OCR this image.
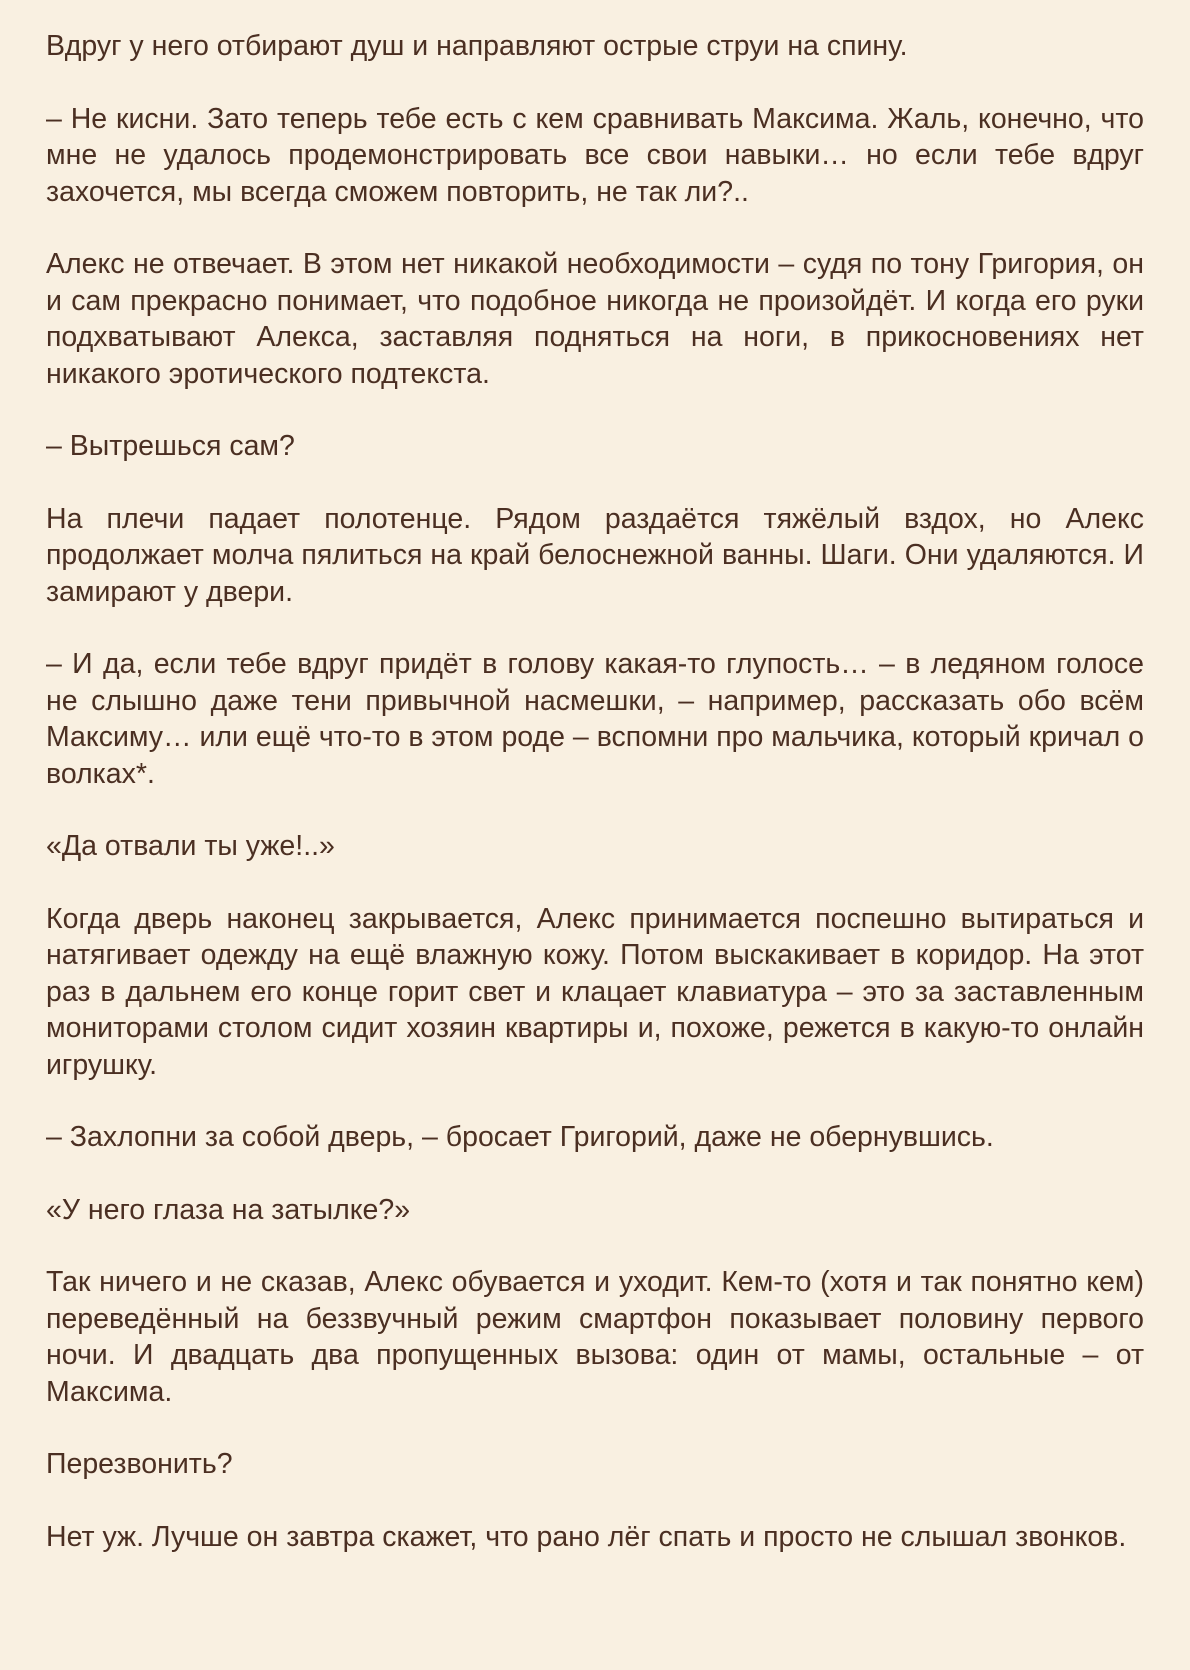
Вдруг у него отбирают душ и направляют острые струи на спину.

– Не кисни. Зато теперь тебе есть с кем сравнивать Максима. Жаль, конечно, что мне не удалось продемонстрировать все свои навыки… но если тебе вдруг захочется, мы всегда сможем повторить, не так ли?..

Алекс не отвечает. В этом нет никакой необходимости – судя по тону Григория, он и сам прекрасно понимает, что подобное никогда не произойдёт. И когда его руки подхватывают Алекса, заставляя подняться на ноги, в прикосновениях нет никакого эротического подтекста.

– Вытрешься сам?

На плечи падает полотенце. Рядом раздаётся тяжёлый вздох, но Алекс продолжает молча пялиться на край белоснежной ванны. Шаги. Они удаляются. И замирают у двери.

– И да, если тебе вдруг придёт в голову какая-то глупость… – в ледяном голосе не слышно даже тени привычной насмешки, – например, рассказать обо всём Максиму… или ещё что-то в этом роде – вспомни про мальчика, который кричал о волках*.

«Да отвали ты уже!..»

Когда дверь наконец закрывается, Алекс принимается поспешно вытираться и натягивает одежду на ещё влажную кожу. Потом выскакивает в коридор. На этот раз в дальнем его конце горит свет и клацает клавиатура – это за заставленным мониторами столом сидит хозяин квартиры и, похоже, режется в какую-то онлайн игрушку.

– Захлопни за собой дверь, – бросает Григорий, даже не обернувшись.

«У него глаза на затылке?»

Так ничего и не сказав, Алекс обувается и уходит. Кем-то (хотя и так понятно кем) переведённый на беззвучный режим смартфон показывает половину первого ночи. И двадцать два пропущенных вызова: один от мамы, остальные – от Максима.

Перезвонить?

Нет уж. Лучше он завтра скажет, что рано лёг спать и просто не слышал звонков.
